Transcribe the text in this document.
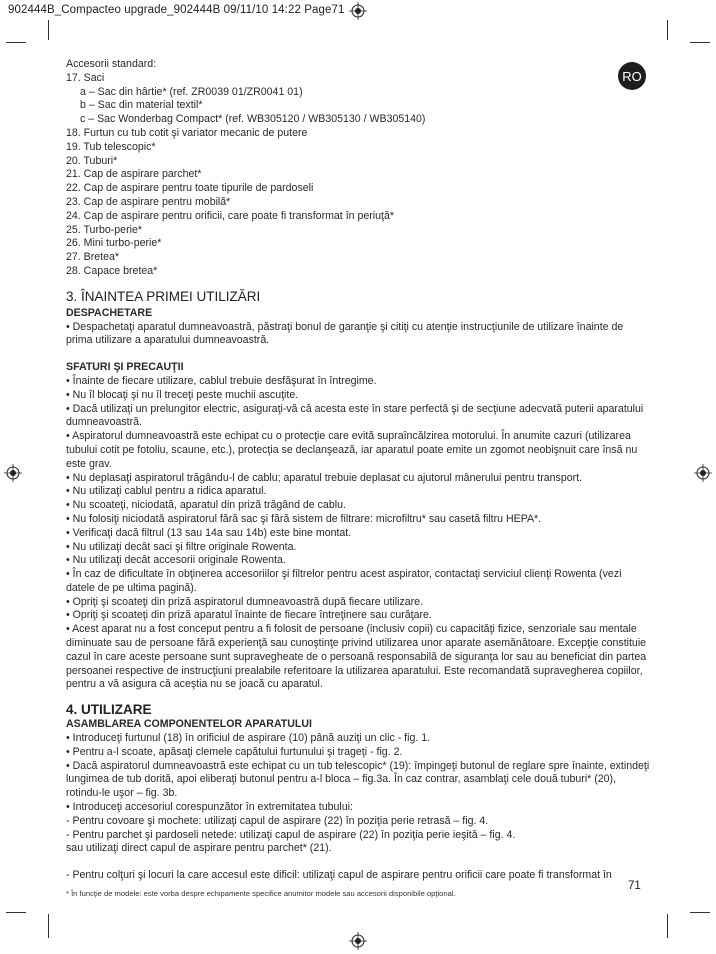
902444B_Compacteo upgrade_902444B 09/11/10 14:22 Page71
RO

Accesorii standard:

17. Saci

a – Sac din hârtie* (ref. ZR0039 01/ZR0041 01)

b – Sac din material textil*

c – Sac Wonderbag Compact* (ref. WB305120 / WB305130 / WB305140)

18. Furtun cu tub cotit şi variator mecanic de putere

19. Tub telescopic*

20. Tuburi*

21. Cap de aspirare parchet*

22. Cap de aspirare pentru toate tipurile de pardoseli

23. Cap de aspirare pentru mobilă*

24. Cap de aspirare pentru orificii, care poate fi transformat în periuţă*

25. Turbo-perie*

26. Mini turbo-perie*

27. Bretea*

28. Capace bretea*

3. ÎNAINTEA PRIMEI UTILIZĂRI

DESPACHETARE

• Despachetaţi aparatul dumneavoastră, păstraţi bonul de garanţie şi citiţi cu atenţie instrucţiunile de utilizare înainte de prima utilizare a aparatului dumneavoastră.

SFATURI ŞI PRECAUŢII

• Înainte de fiecare utilizare, cablul trebuie desfăşurat în întregime.

• Nu îl blocaţi şi nu îl treceţi peste muchii ascuţite.

• Dacă utilizaţi un prelungitor electric, asiguraţi-vă că acesta este în stare perfectă şi de secţiune adecvată puterii aparatului dumneavoastră.

• Aspiratorul dumneavoastră este echipat cu o protecţie care evită supraîncălzirea motorului. În anumite cazuri (utilizarea tubului cotit pe fotoliu, scaune, etc.), protecţia se declanşează, iar aparatul poate emite un zgomot neobişnuit care însă nu este grav.

• Nu deplasaţi aspiratorul trăgându-l de cablu; aparatul trebuie deplasat cu ajutorul mânerului pentru transport.

• Nu utilizaţi cablul pentru a ridica aparatul.

• Nu scoateţi, niciodată, aparatul din priză trăgând de cablu.

• Nu folosiţi niciodată aspiratorul fără sac şi fără sistem de filtrare: microfiltru* sau casetă filtru HEPA*.

• Verificaţi dacă filtrul (13 sau 14a sau 14b) este bine montat.

• Nu utilizaţi decât saci şi filtre originale Rowenta.

• Nu utilizaţi decât accesorii originale Rowenta.

• În caz de dificultate în obţinerea accesoriilor şi filtrelor pentru acest aspirator, contactaţi serviciul clienţi Rowenta (vezi datele de pe ultima pagină).

• Opriţi şi scoateţi din priză aspiratorul dumneavoastră după fiecare utilizare.

• Opriţi şi scoateţi din priză aparatul înainte de fiecare întreţinere sau curăţare.

• Acest aparat nu a fost conceput pentru a fi folosit de persoane (inclusiv copii) cu capacităţi fizice, senzoriale sau mentale diminuate sau de persoane fără experienţă sau cunoştinţe privind utilizarea unor aparate asemănătoare. Excepţie constituie cazul în care aceste persoane sunt supravegheate de o persoană responsabilă de siguranţa lor sau au beneficiat din partea persoanei respective de instrucţiuni prealabile referitoare la utilizarea aparatului. Este recomandată supravegherea copiilor, pentru a vă asigura că aceştia nu se joacă cu aparatul.

4. UTILIZARE

ASAMBLAREA COMPONENTELOR APARATULUI

• Introduceţi furtunul (18) în orificiul de aspirare (10) până auziţi un clic - fig. 1.

• Pentru a-l scoate, apăsaţi clemele capătului furtunului şi trageţi - fig. 2.

• Dacă aspiratorul dumneavoastră este echipat cu un tub telescopic* (19): împingeţi butonul de reglare spre înainte, extindeţi lungimea de tub dorită, apoi eliberaţi butonul pentru a-l bloca – fig.3a. În caz contrar, asamblaţi cele două tuburi* (20), rotindu-le uşor – fig. 3b.

• Introduceţi accesoriul corespunzător în extremitatea tubului:

- Pentru covoare şi mochete: utilizaţi capul de aspirare (22) în poziţia perie retrasă – fig. 4.

- Pentru parchet şi pardoseli netede: utilizaţi capul de aspirare (22) în poziţia perie ieşită – fig. 4.

sau utilizaţi direct capul de aspirare pentru parchet* (21).

- Pentru colţuri şi locuri la care accesul este dificil: utilizaţi capul de aspirare pentru orificii care poate fi transformat în

71
* În funcţie de modele: este vorba despre echipamente specifice anumitor modele sau accesorii disponibile opţional.
